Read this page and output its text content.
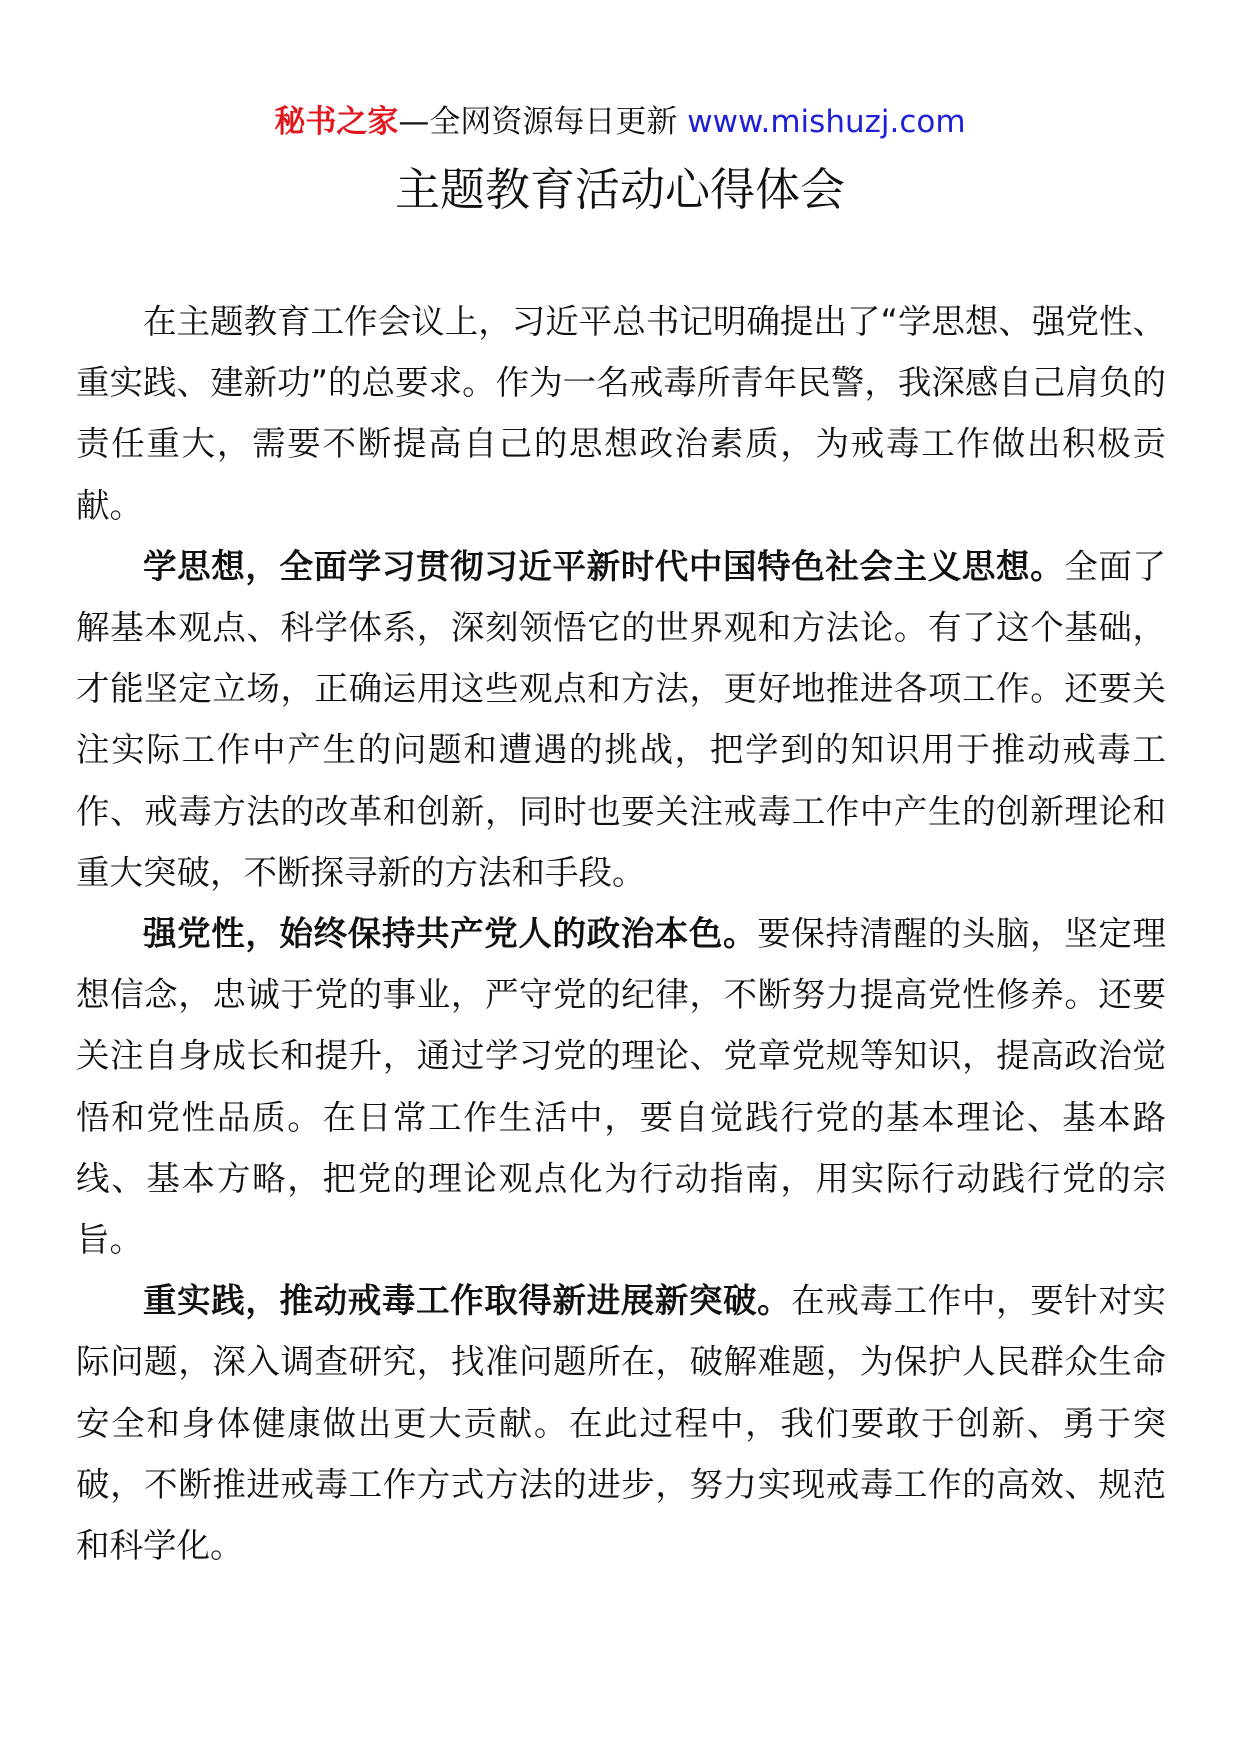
秘书之家—全网资源每日更新 www.mishuzj.com
主题教育活动心得体会

在主题教育工作会议上，习近平总书记明确提出了“学思想、强党性、重实践、建新功”的总要求。作为一名戒毒所青年民警，我深感自己肩负的责任重大，需要不断提高自己的思想政治素质，为戒毒工作做出积极贡献。

学思想，全面学习贯彻习近平新时代中国特色社会主义思想。全面了解基本观点、科学体系，深刻领悟它的世界观和方法论。有了这个基础，才能坚定立场，正确运用这些观点和方法，更好地推进各项工作。还要关注实际工作中产生的问题和遭遇的挑战，把学到的知识用于推动戒毒工作、戒毒方法的改革和创新，同时也要关注戒毒工作中产生的创新理论和重大突破，不断探寻新的方法和手段。

强党性，始终保持共产党人的政治本色。要保持清醒的头脑，坚定理想信念，忠诚于党的事业，严守党的纪律，不断努力提高党性修养。还要关注自身成长和提升，通过学习党的理论、党章党规等知识，提高政治觉悟和党性品质。在日常工作生活中，要自觉践行党的基本理论、基本路线、基本方略，把党的理论观点化为行动指南，用实际行动践行党的宗旨。

重实践，推动戒毒工作取得新进展新突破。在戒毒工作中，要针对实际问题，深入调查研究，找准问题所在，破解难题，为保护人民群众生命安全和身体健康做出更大贡献。在此过程中，我们要敢于创新、勇于突破，不断推进戒毒工作方式方法的进步，努力实现戒毒工作的高效、规范和科学化。
